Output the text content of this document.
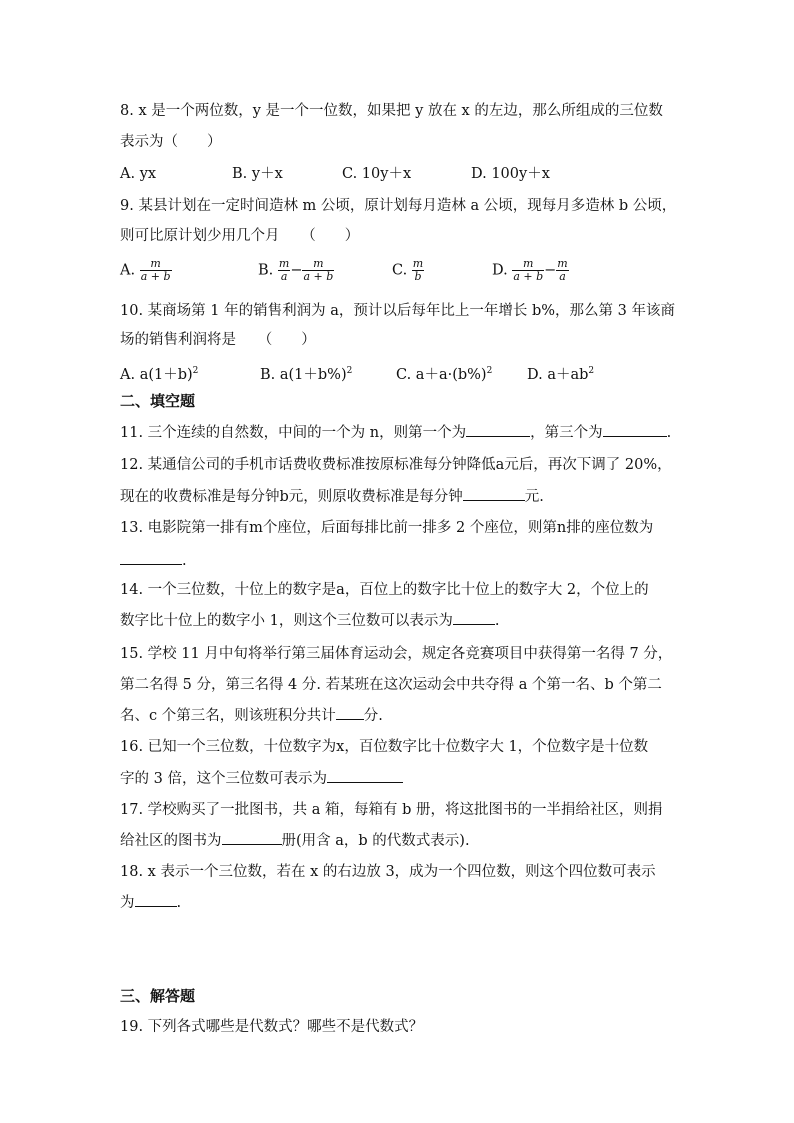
8. x 是一个两位数，y 是一个一位数，如果把 y 放在 x 的左边，那么所组成的三位数
表示为（　　）
A. yx	B. y＋x	C. 10y＋x	D. 100y＋x
9. 某县计划在一定时间造林 m 公顷，原计划每月造林 a 公顷，现每月多造林 b 公顷，
则可比原计划少用几个月　　（　　）
A. $\frac{m}{a + b}$	B. $\frac{m}{a} - \frac{m}{a + b}$	C. $\frac{m}{b}$	D. $\frac{m}{a + b} - \frac{m}{a}$
10. 某商场第 1 年的销售利润为 a，预计以后每年比上一年增长 b%，那么第 3 年该商
场的销售利润将是　　（　　）
A. $a(1+b)^2$	B. $a(1+b\%)^2$	C. $a+a\cdot(b\%)^2$ D. $a+ab^2$
二、填空题
11. 三个连续的自然数，中间的一个为 n，则第一个为	，第三个为	.
12. 某通信公司的手机市话费收费标准按原标准每分钟降低a元后，再次下调了 20%，
现在的收费标准是每分钟b元，则原收费标准是每分钟	元.
13. 电影院第一排有m个座位，后面每排比前一排多 2 个座位，则第n排的座位数为
.
14. 一个三位数，十位上的数字是a，百位上的数字比十位上的数字大 2，个位上的
数字比十位上的数字小 1，则这个三位数可以表示为	.
15. 学校 11 月中旬将举行第三届体育运动会，规定各竞赛项目中获得第一名得 7 分，
第二名得 5 分，第三名得 4 分. 若某班在这次运动会中共夺得 a 个第一名、b 个第二
名、c 个第三名，则该班积分共计 分.
16. 已知一个三位数，十位数字为x，百位数字比十位数字大 1，个位数字是十位数
字的 3 倍，这个三位数可表示为
17. 学校购买了一批图书，共 a 箱，每箱有 b 册，将这批图书的一半捐给社区，则捐
给社区的图书为	册(用含 a，b 的代数式表示).
18. x 表示一个三位数，若在 x 的右边放 3，成为一个四位数，则这个四位数可表示
为	.
三、解答题
19. 下列各式哪些是代数式？哪些不是代数式？
